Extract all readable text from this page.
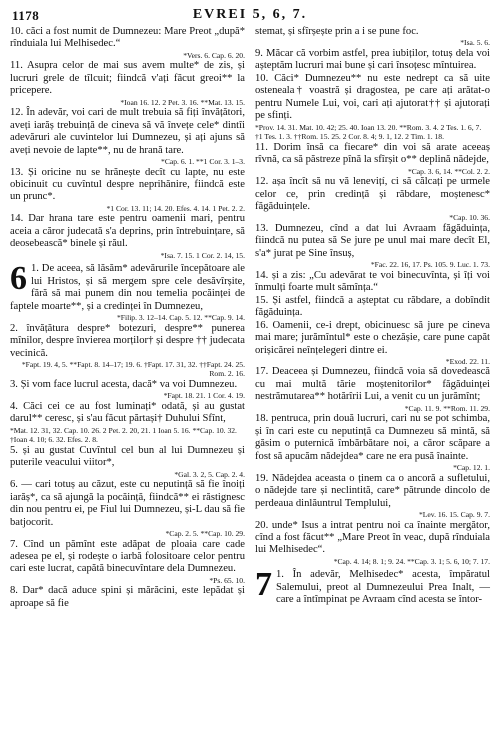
1178	EVREI 5, 6, 7.

10. căci a fost numit de Dumnezeu: Mare Preot „după* rînduiala lui Melhisedec.“

*Vers. 6. Cap. 6. 20.

11. Asupra celor de mai sus avem multe* de zis, și lucruri grele de tîlcuit; fiindcă v'ați făcut greoi** la pricepere.

*Ioan 16. 12. 2 Pet. 3. 16. **Mat. 13. 15.

12. În adevăr, voi cari de mult trebuia să fiți învățători, aveți iarăș trebuință de cineva să vă învețe cele* dintîi adevăruri ale cuvintelor lui Dumnezeu, și ați ajuns să aveți nevoie de lapte**, nu de hrană tare.

*Cap. 6. 1. **1 Cor. 3. 1–3.

13. Și oricine nu se hrănește decît cu lapte, nu este obicinuit cu cuvîntul despre neprihănire, fiindcă este un prunc*.

*1 Cor. 13. 11; 14. 20. Efes. 4. 14. 1 Pet. 2. 2.

14. Dar hrana tare este pentru oamenii mari, pentru aceia a căror judecată s'a deprins, prin întrebuințare, să deosebească* binele și răul.

*Isa. 7. 15. 1 Cor. 2. 14, 15.
6 1. De aceea, să lăsăm* adevărurile începătoare ale lui Hristos, și să mergem spre cele desăvîrșite, fără să mai punem din nou temelia pocăinței de faptele moarte**, și a credinței în Dumnezeu,

*Filip. 3. 12–14. Cap. 5. 12. **Cap. 9. 14.

2. învățătura despre* botezuri, despre** punerea mînilor, despre învierea morților† și despre †† judecata vecinică.

*Fapt. 19. 4, 5. **Fapt. 8. 14–17; 19. 6. †Fapt. 17. 31, 32. ††Fapt. 24. 25. Rom. 2. 16.

3. Și vom face lucrul acesta, dacă* va voi Dumnezeu.

*Fapt. 18. 21. 1 Cor. 4. 19.

4. Căci cei ce au fost luminați* odată, și au gustat darul** ceresc, și s'au făcut părtași† Duhului Sfînt,

*Mat. 12. 31, 32. Cap. 10. 26. 2 Pet. 2. 20, 21. 1 Ioan 5. 16. **Cap. 10. 32. †Ioan 4. 10; 6. 32. Efes. 2. 8.

5. și au gustat Cuvîntul cel bun al lui Dumnezeu și puterile veacului viitor*,

*Gal. 3. 2, 5. Cap. 2. 4.

6. — cari totuș au căzut, este cu neputință să fie înoiți iarăș*, ca să ajungă la pocăință, fiindcă** ei răstignesc din nou pentru ei, pe Fiul lui Dumnezeu, și-L dau să fie batjocorit.

*Cap. 2. 5. **Cap. 10. 29.

7. Cînd un pămînt este adăpat de ploaia care cade adesea pe el, și rodește o iarbă folositoare celor pentru cari este lucrat, capătă binecuvîntare dela Dumnezeu.

*Ps. 65. 10.

8. Dar* dacă aduce spini și mărăcini, este lepădat și aproape să fie

stemat, și sfîrșește prin a i se pune foc.

*Isa. 5. 6.

9. Măcar că vorbim astfel, prea iubiților, totuș dela voi așteptăm lucruri mai bune și cari însoțesc mîntuirea.

10. Căci* Dumnezeu** nu este nedrept ca să uite osteneala† voastră și dragostea, pe care ați arătat-o pentru Numele Lui, voi, cari ați ajutorat†† și ajutorați pe sfinți.

*Prov. 14. 31. Mat. 10. 42; 25. 40. Ioan 13. 20. **Rom. 3. 4. 2 Tes. 1. 6, 7. †1 Tes. 1. 3. ††Rom. 15. 25. 2 Cor. 8. 4; 9. 1, 12. 2 Tim. 1. 18.

11. Dorim însă ca fiecare* din voi să arate aceeaș rîvnă, ca să păstreze pînă la sfîrșit o** deplină nădejde,

*Cap. 3. 6, 14. **Col. 2. 2.

12. așa încît să nu vă lenevițí, ci să călcați pe urmele celor ce, prin credință și răbdare, moștenesc* făgăduințele.

*Cap. 10. 36.

13. Dumnezeu, cînd a dat lui Avraam făgăduința, fiindcă nu putea să Se jure pe unul mai mare decît El, s'a* jurat pe Sine însuș,

*Fac. 22. 16, 17. Ps. 105. 9. Luc. 1. 73.

14. și a zis: „Cu adevărat te voi binecuvînta, și îți voi înmulți foarte mult sămînța.“

15. Și astfel, fiindcă a așteptat cu răbdare, a dobîndit făgăduința.

16. Oamenii, ce-i drept, obicinuesc să jure pe cineva mai mare; jurămîntul* este o chezășie, care pune capăt orișicărei neînțelegeri dintre ei.

*Exod. 22. 11.

17. Deaceea și Dumnezeu, fiindcă voia să dovedească cu mai multă tărie moștenitorilor* făgăduinței nestrămutarea** hotărîrii Lui, a venit cu un jurămînt;

*Cap. 11. 9. **Rom. 11. 29.

18. pentruca, prin două lucruri, cari nu se pot schimba, și în cari este cu neputință ca Dumnezeu să mintă, să găsim o puternică îmbărbătare noi, a căror scăpare a fost să apucăm nădejdea* care ne era pusă înainte.

*Cap. 12. 1.

19. Nădejdea aceasta o ținem ca o ancoră a sufletului, o nădejde tare și neclintită, care* pătrunde dincolo de perdeaua dinlăuntrul Templului,

*Lev. 16. 15. Cap. 9. 7.

20. unde* Isus a intrat pentru noi ca înainte mergător, cînd a fost făcut** „Mare Preot în veac, după rînduiala lui Melhisedec“.

*Cap. 4. 14; 8. 1; 9. 24. **Cap. 3. 1; 5. 6, 10; 7. 17.
7 1. În adevăr, Melhisedec* acesta, împăratul Salemului, preot al Dumnezeului Prea Inalt, — care a întîmpinat pe Avraam cînd acesta se întor-
